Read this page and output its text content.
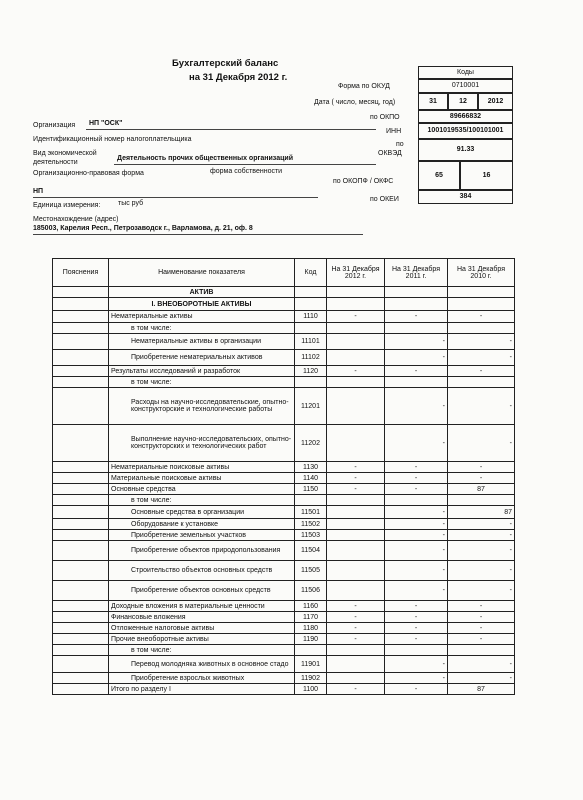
Бухгалтерский баланс
на 31 Декабря 2012 г.	Коды
Форма по ОКУД	0710001
Дата ( число, месяц, год)	31	12	2012
по ОКПО	89666832
ИНН	1001019535/100101001
по
ОКВЭД
91.33
по ОКОПФ / ОКФС
65	16
по ОКЕИ	384
Организация НП "ОСК"
Идентификационный номер налогоплательщика
Вид экономической
деятельности
Деятельность прочих общественных организаций
Организационно-правовая форма	форма собственности
НП
Единица измерения:	тыс руб
Местонахождение (адрес)
185003, Карелия Респ., Петрозаводск г., Варламова, д. 21, оф. 8
Пояснения	Наименование показателя	Код	На 31 Декабря 2012 г.	На 31 Декабря 2011 г.	На 31 Декабря 2010 г.
	АКТИВ				
	I. ВНЕОБОРОТНЫЕ АКТИВЫ				
	Нематериальные активы	1110	-	-	-
	в том числе:				
	Нематериальные активы в организации	11101		-	-
	Приобретение нематериальных активов	11102		-	-
	Результаты исследований и разработок	1120	-	-	-
	в том числе:				
	Расходы на научно-исследовательские, опытно-конструкторские и технологические работы	11201		-	-
	Выполнение научно-исследовательских, опытно-конструкторских и технологических работ	11202		-	-
	Нематериальные поисковые активы	1130	-	-	-
	Материальные поисковые активы	1140	-	-	-
	Основные средства	1150	-	-	87
	в том числе:				
	Основные средства в организации	11501		-	87
	Оборудование к установке	11502		-	-
	Приобретение земельных участков	11503		-	-
	Приобретение объектов природопользования	11504		-	-
	Строительство объектов основных средств	11505		-	-
	Приобретение объектов основных средств	11506		-	-
	Доходные вложения в материальные ценности	1160	-	-	-
	Финансовые вложения	1170	-	-	-
	Отложенные налоговые активы	1180	-	-	-
	Прочие внеоборотные активы	1190	-	-	-
	в том числе:				
	Перевод молодняка животных в основное стадо	11901		-	-
	Приобретение взрослых животных	11902		-	-
	Итого по разделу I	1100	-	-	87
